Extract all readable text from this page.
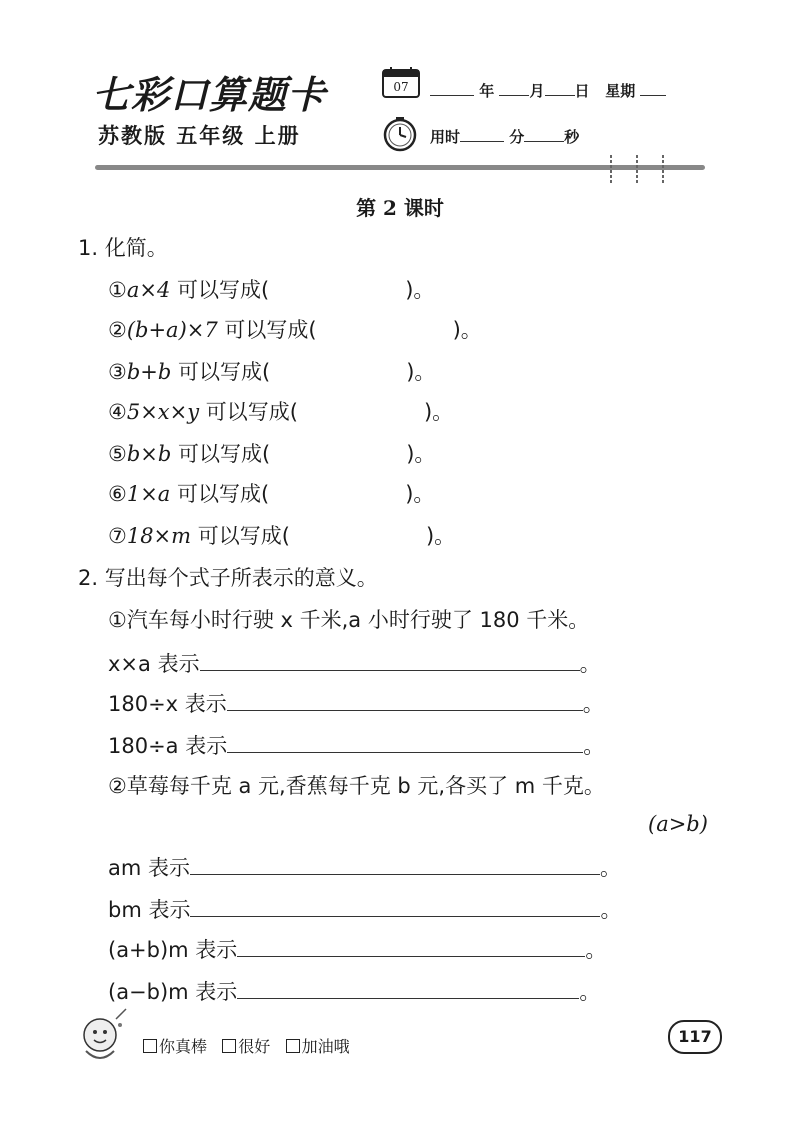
七彩口算题卡
苏教版 五年级 上册
07	年 月 日 星期
用时	分	秒
第 2 课时
1. 化简。
①a×4 可以写成(	)。
②(b+a)×7 可以写成(	)。
③b+b 可以写成(	)。
④5×x×y 可以写成(	)。
⑤b×b 可以写成(	)。
⑥1×a 可以写成(	)。
⑦18×m 可以写成(	)。
2. 写出每个式子所表示的意义。
①汽车每小时行驶 x 千米,a 小时行驶了 180 千米。
x×a 表示	。
180÷x 表示	。
180÷a 表示	。
②草莓每千克 a 元,香蕉每千克 b 元,各买了 m 千克。
(a>b)
am 表示	。
bm 表示	。
(a+b)m 表示	。
(a−b)m 表示	。
你真棒 很好 加油哦
117
